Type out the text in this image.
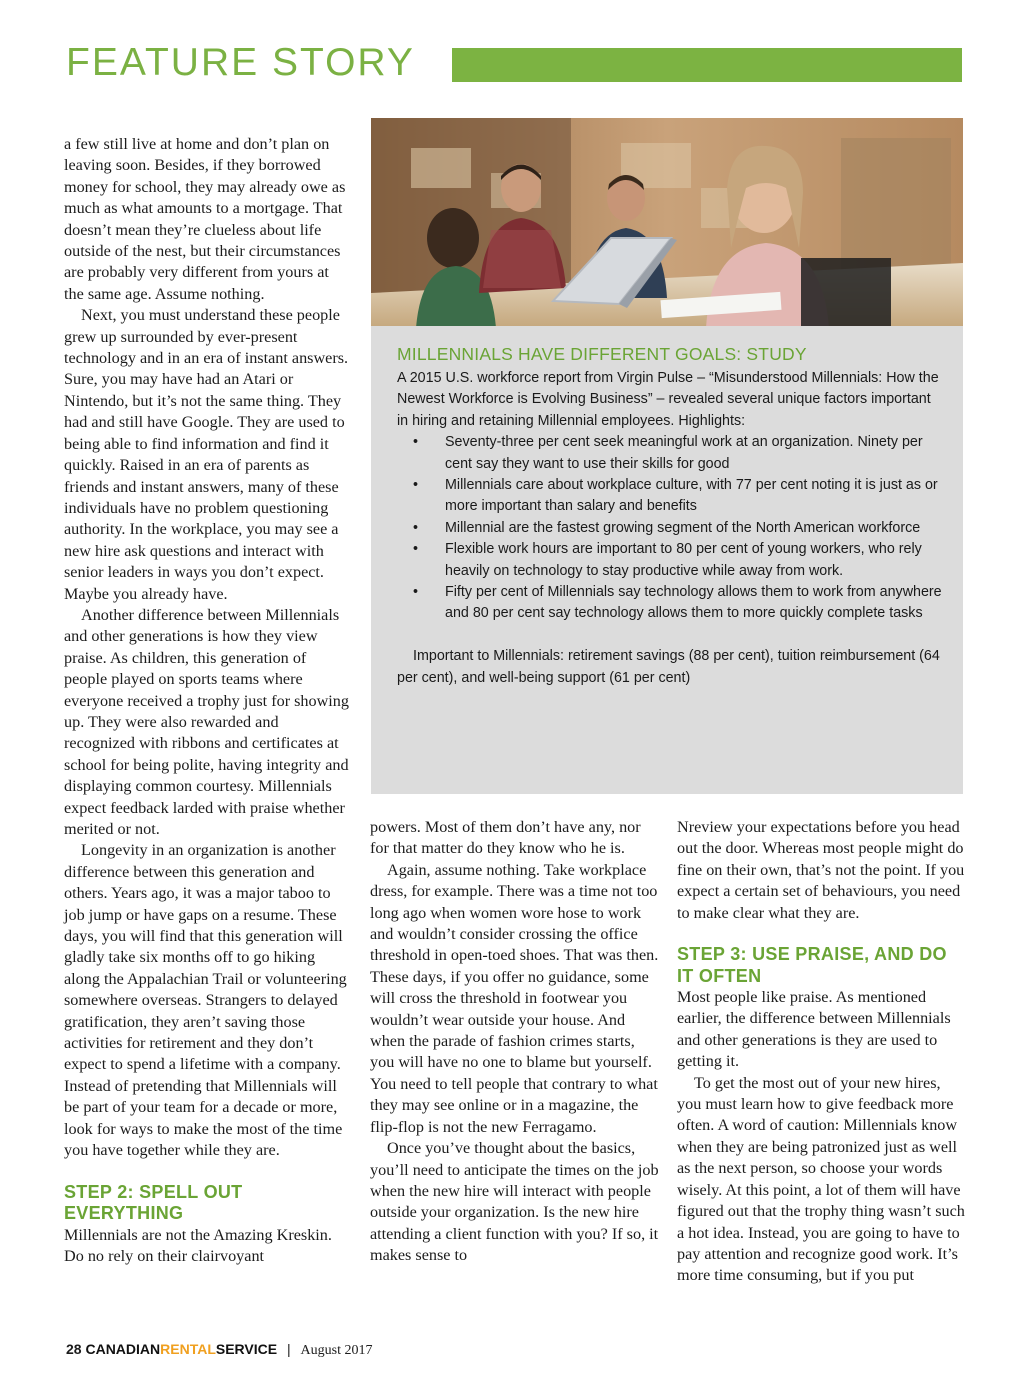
FEATURE STORY

a few still live at home and don’t plan on leaving soon. Besides, if they borrowed money for school, they may already owe as much as what amounts to a mortgage. That doesn’t mean they’re clueless about life outside of the nest, but their circumstances are probably very different from yours at the same age. Assume nothing.

Next, you must understand these people grew up surrounded by ever-present technology and in an era of instant answers. Sure, you may have had an Atari or Nintendo, but it’s not the same thing. They had and still have Google. They are used to being able to find information and find it quickly. Raised in an era of parents as friends and instant answers, many of these individuals have no problem questioning authority. In the workplace, you may see a new hire ask questions and interact with senior leaders in ways you don’t expect. Maybe you already have.

Another difference between Millennials and other generations is how they view praise. As children, this generation of people played on sports teams where everyone received a trophy just for showing up. They were also rewarded and recognized with ribbons and certificates at school for being polite, having integrity and displaying common courtesy. Millennials expect feedback larded with praise whether merited or not.

Longevity in an organization is another difference between this generation and others. Years ago, it was a major taboo to job jump or have gaps on a resume. These days, you will find that this generation will gladly take six months off to go hiking along the Appalachian Trail or volunteering somewhere overseas. Strangers to delayed gratification, they aren’t saving those activities for retirement and they don’t expect to spend a lifetime with a company. Instead of pretending that Millennials will be part of your team for a decade or more, look for ways to make the most of the time you have together while they are.

STEP 2: SPELL OUT EVERYTHING

Millennials are not the Amazing Kreskin. Do no rely on their clairvoyant

MILLENNIALS HAVE DIFFERENT GOALS: STUDY
A 2015 U.S. workforce report from Virgin Pulse – “Misunderstood Millennials: How the Newest Workforce is Evolving Business” – revealed several unique factors important in hiring and retaining Millennial employees. Highlights:
• Seventy-three per cent seek meaningful work at an organization. Ninety per cent say they want to use their skills for good
• Millennials care about workplace culture, with 77 per cent noting it is just as or more important than salary and benefits
• Millennial are the fastest growing segment of the North American workforce
• Flexible work hours are important to 80 per cent of young workers, who rely heavily on technology to stay productive while away from work.
• Fifty per cent of Millennials say technology allows them to work from anywhere and 80 per cent say technology allows them to more quickly complete tasks
Important to Millennials: retirement savings (88 per cent), tuition reimbursement (64 per cent), and well-being support (61 per cent)

powers. Most of them don’t have any, nor for that matter do they know who he is.

Again, assume nothing. Take workplace dress, for example. There was a time not too long ago when women wore hose to work and wouldn’t consider crossing the office threshold in open-toed shoes. That was then. These days, if you offer no guidance, some will cross the threshold in footwear you wouldn’t wear outside your house. And when the parade of fashion crimes starts, you will have no one to blame but yourself. You need to tell people that contrary to what they may see online or in a magazine, the flip-flop is not the new Ferragamo.

Once you’ve thought about the basics, you’ll need to anticipate the times on the job when the new hire will interact with people outside your organization. Is the new hire attending a client function with you? If so, it makes sense to

Nreview your expectations before you head out the door. Whereas most people might do fine on their own, that’s not the point. If you expect a certain set of behaviours, you need to make clear what they are.

STEP 3: USE PRAISE, AND DO IT OFTEN

Most people like praise. As mentioned earlier, the difference between Millennials and other generations is they are used to getting it.

To get the most out of your new hires, you must learn how to give feedback more often. A word of caution: Millennials know when they are being patronized just as well as the next person, so choose your words wisely. At this point, a lot of them will have figured out that the trophy thing wasn’t such a hot idea. Instead, you are going to have to pay attention and recognize good work. It’s more time consuming, but if you put

28 CANADIANRENTALSERVICE | August 2017
